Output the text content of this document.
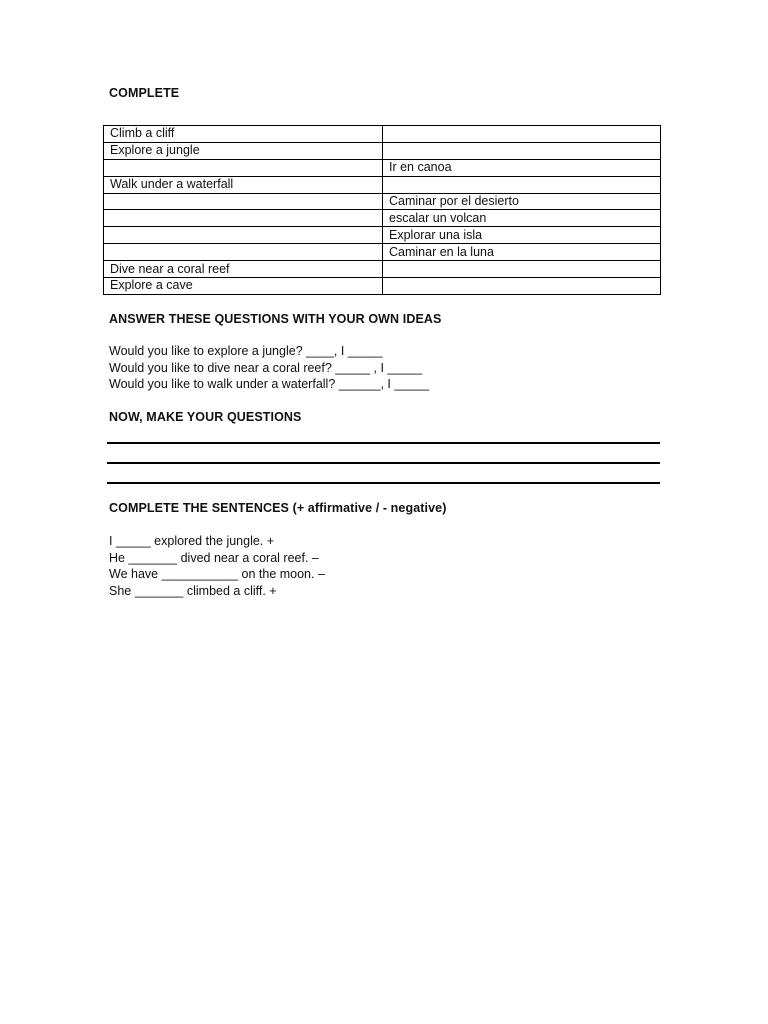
COMPLETE
Climb a cliff	
Explore a jungle	
	Ir en canoa
Walk under a waterfall	
	Caminar por el desierto
	escalar un volcan
	Explorar una isla
	Caminar en la luna
Dive near a coral reef	
Explore a cave	
ANSWER THESE QUESTIONS WITH YOUR OWN IDEAS
Would you like to explore a jungle? ____, I _____
Would you like to dive near a coral reef? _____ , I _____
Would you like to walk under a waterfall? ______, I _____
NOW, MAKE YOUR QUESTIONS
COMPLETE THE SENTENCES (+ affirmative / - negative)
I _____ explored the jungle. +
He _______ dived near a coral reef. –
We have ___________ on the moon. –
She _______ climbed a cliff. +
